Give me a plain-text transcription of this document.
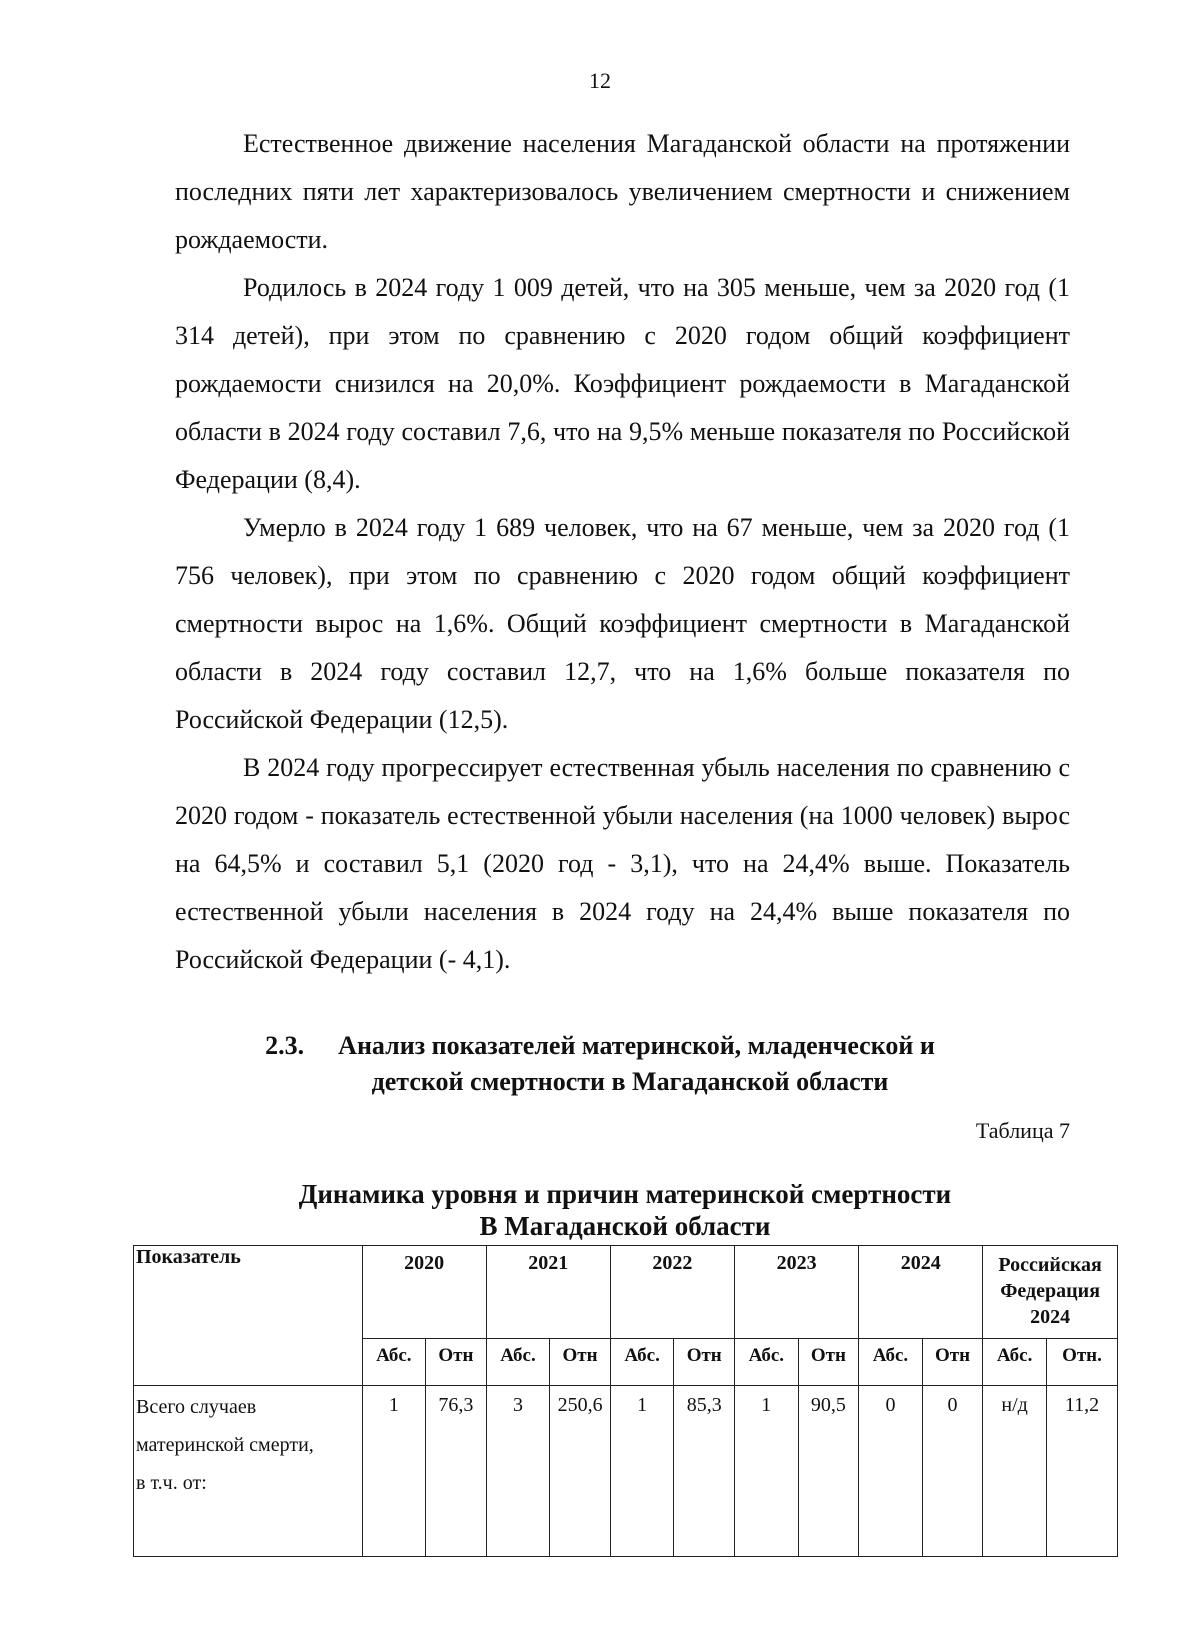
12

Естественное движение населения Магаданской области на протяжении последних пяти лет характеризовалось увеличением смертности и снижением рождаемости.

Родилось в 2024 году 1 009 детей, что на 305 меньше, чем за 2020 год (1 314 детей), при этом по сравнению с 2020 годом общий коэффициент рождаемости снизился на 20,0%. Коэффициент рождаемости в Магаданской области в 2024 году составил 7,6, что на 9,5% меньше показателя по Российской Федерации (8,4).

Умерло в 2024 году 1 689 человек, что на 67 меньше, чем за 2020 год (1 756 человек), при этом по сравнению с 2020 годом общий коэффициент смертности вырос на 1,6%. Общий коэффициент смертности в Магаданской области в 2024 году составил 12,7, что на 1,6% больше показателя по Российской Федерации (12,5).

В 2024 году прогрессирует естественная убыль населения по сравнению с 2020 годом - показатель естественной убыли населения (на 1000 человек) вырос на 64,5% и составил 5,1 (2020 год - 3,1), что на 24,4% выше. Показатель естественной убыли населения в 2024 году на 24,4% выше показателя по Российской Федерации (- 4,1).

2.3. Анализ показателей материнской, младенческой и
детской смертности в Магаданской области
Таблица 7
Динамика уровня и причин материнской смертности
В Магаданской области
Показатель	2020		2021		2022		2023		2024		Российская
Федерация
2024	

	Абс.	Отн	Абс.	Отн	Абс.	Отн	Абс.	Отн	Абс.	Отн	Абс.	Отн.

Всего случаев
материнской смерти,
в т.ч. от:	1	76,3	3	250,6	1	85,3	1	90,5	0	0	н/д	11,2
